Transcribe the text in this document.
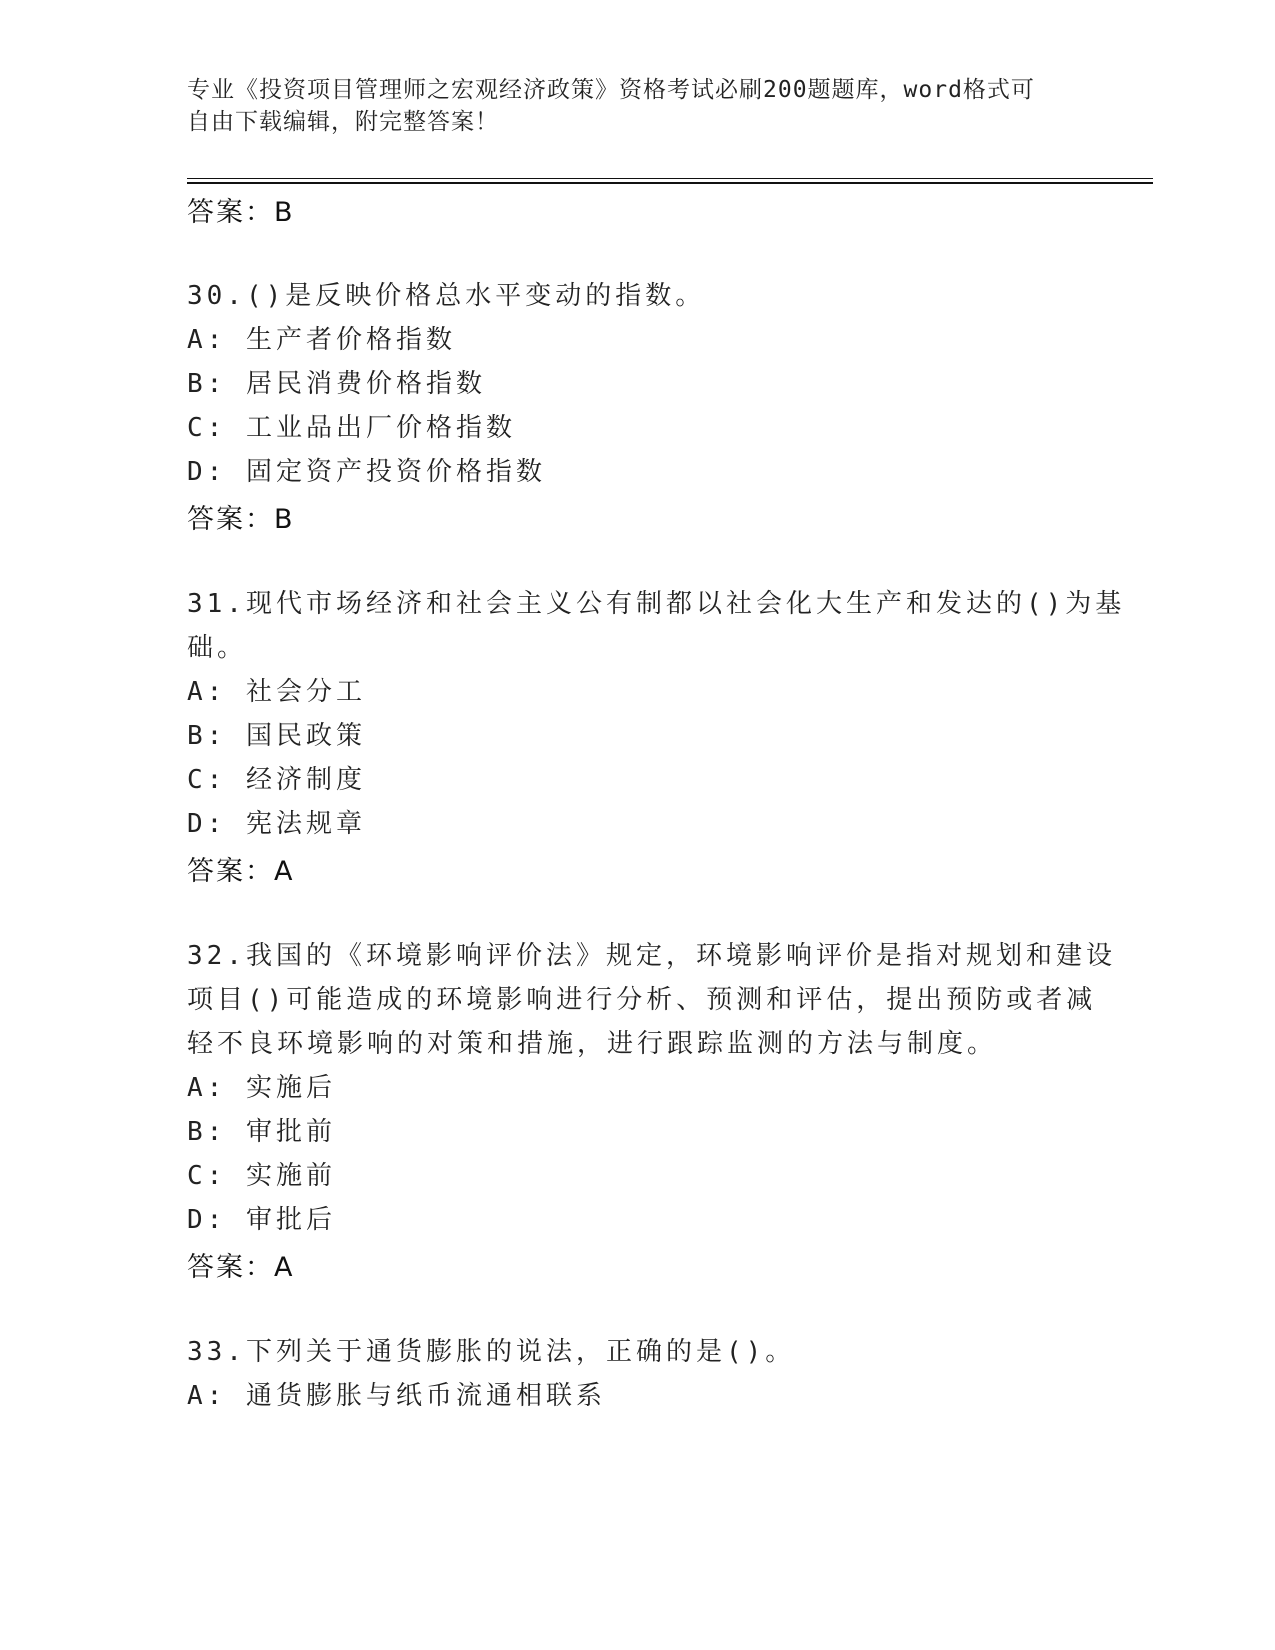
专业《投资项目管理师之宏观经济政策》资格考试必刷200题题库，word格式可
自由下载编辑，附完整答案！
答案：B
30.()是反映价格总水平变动的指数。
A: 生产者价格指数
B: 居民消费价格指数
C: 工业品出厂价格指数
D: 固定资产投资价格指数
答案：B
31.现代市场经济和社会主义公有制都以社会化大生产和发达的()为基
础。
A: 社会分工
B: 国民政策
C: 经济制度
D: 宪法规章
答案：A
32.我国的《环境影响评价法》规定，环境影响评价是指对规划和建设
项目()可能造成的环境影响进行分析、预测和评估，提出预防或者减
轻不良环境影响的对策和措施，进行跟踪监测的方法与制度。
A: 实施后
B: 审批前
C: 实施前
D: 审批后
答案：A
33.下列关于通货膨胀的说法，正确的是()。
A: 通货膨胀与纸币流通相联系
